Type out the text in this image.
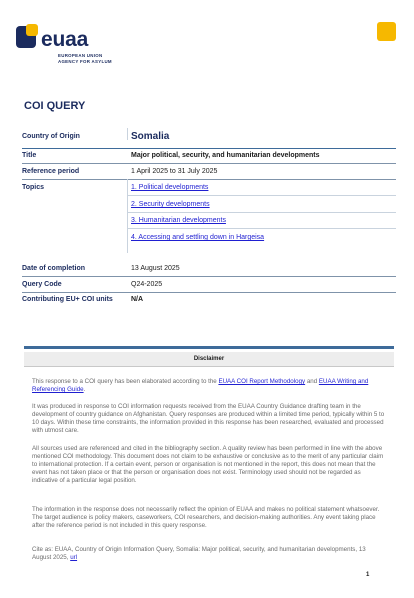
euaa
EUROPEAN UNION
AGENCY FOR ASYLUM
COI QUERY
Country of Origin	Somalia
Title	Major political, security, and humanitarian developments
Reference period	1 April 2025 to 31 July 2025
Topics	1. Political developments
2. Security developments
3. Humanitarian developments
4. Accessing and settling down in Hargeisa
Date of completion	13 August 2025
Query Code	Q24-2025
Contributing EU+ COI units	N/A
Disclaimer

This response to a COI query has been elaborated according to the EUAA COI Report Methodology and EUAA Writing and Referencing Guide.

It was produced in response to COI information requests received from the EUAA Country Guidance drafting team in the development of country guidance on Afghanistan. Query responses are produced within a limited time period, typically within 5 to 10 days. Within these time constraints, the information provided in this response has been researched, evaluated and processed with utmost care.

All sources used are referenced and cited in the bibliography section. A quality review has been performed in line with the above mentioned COI methodology. This document does not claim to be exhaustive or conclusive as to the merit of any particular claim to international protection. If a certain event, person or organisation is not mentioned in the report, this does not mean that the event has not taken place or that the person or organisation does not exist. Terminology used should not be regarded as indicative of a particular legal position.

The information in the response does not necessarily reflect the opinion of EUAA and makes no political statement whatsoever. The target audience is policy makers, caseworkers, COI researchers, and decision-making authorities. Any event taking place after the reference period is not included in this query response.

Cite as: EUAA, Country of Origin Information Query, Somalia: Major political, security, and humanitarian developments, 13 August 2025, url

1
